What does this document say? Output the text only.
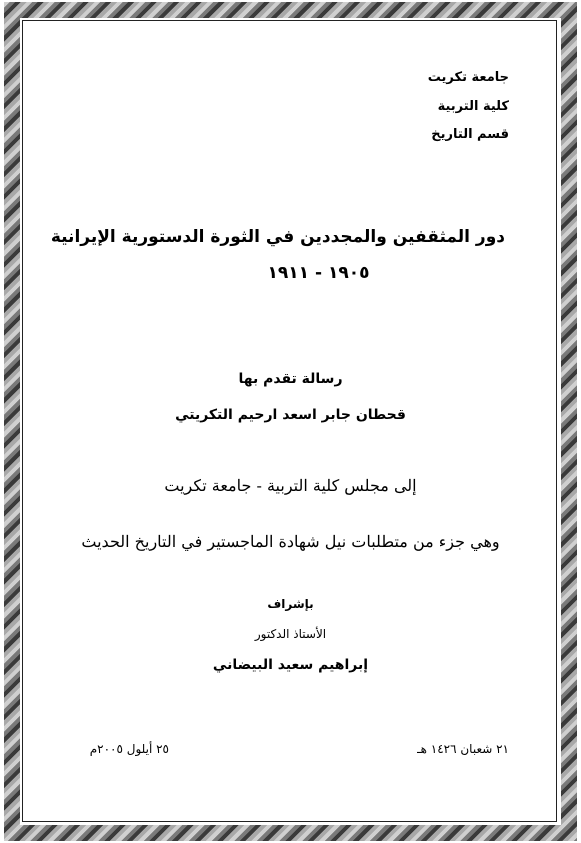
جامعة تكريت
كلية التربية
قسم التاريخ
دور المثقفين والمجددين في الثورة الدستورية الإيرانية
١٩٠٥ - ١٩١١
رسالة تقدم بها
قحطان جابر اسعد ارحيم التكريتي
إلى مجلس كلية التربية - جامعة تكريت
وهي جزء من متطلبات نيل شهادة الماجستير في التاريخ الحديث
بإشراف
الأستاذ الدكتور
إبراهيم سعيد البيضاني
٢١ شعبان ١٤٢٦ هـ
٢٥ أيلول ٢٠٠٥م
